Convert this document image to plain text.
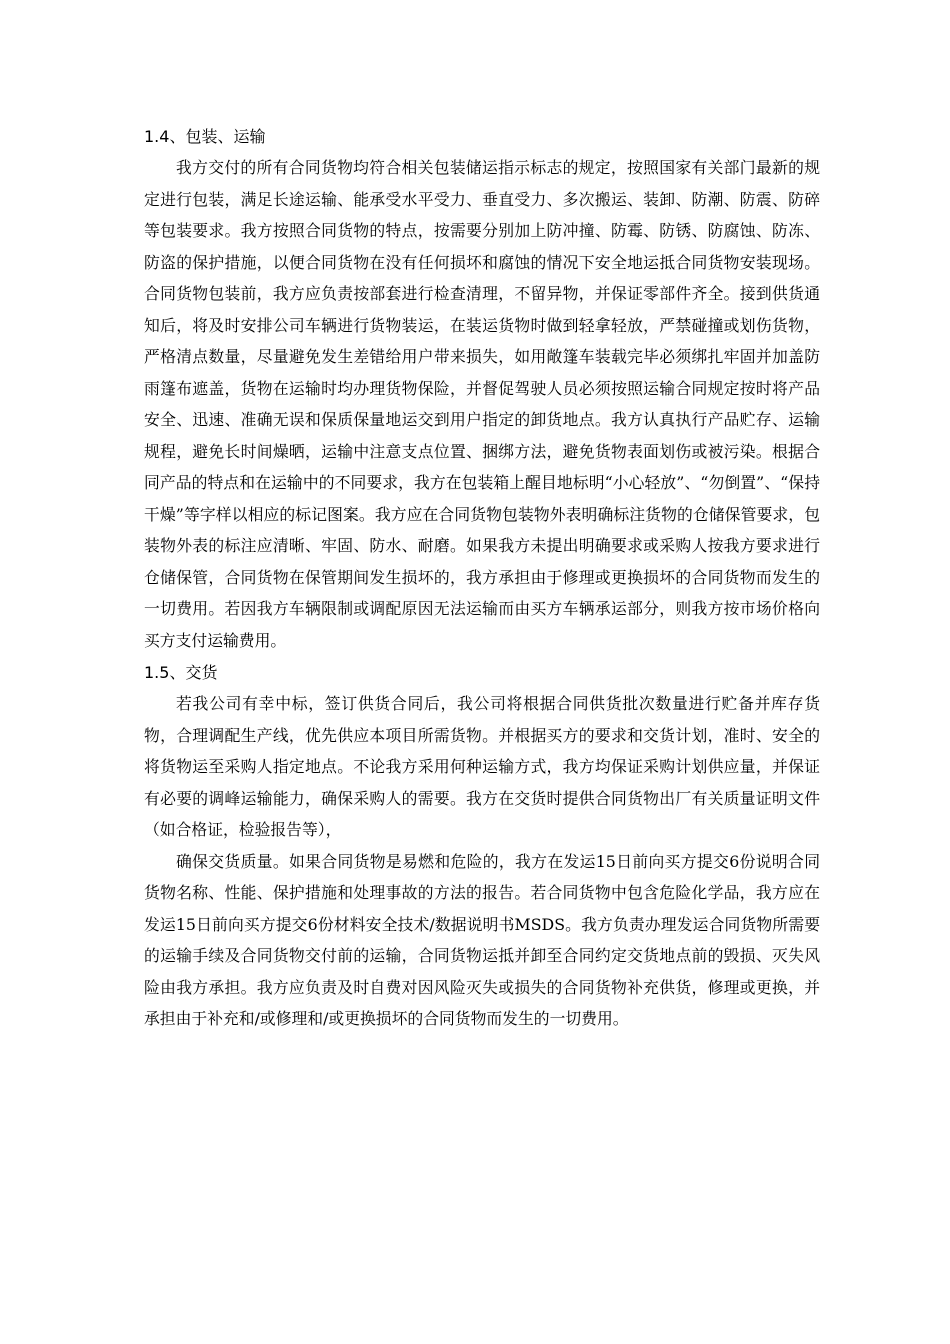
1.4、包装、运输

我方交付的所有合同货物均符合相关包装储运指示标志的规定，按照国家有关部门最新的规定进行包装，满足长途运输、能承受水平受力、垂直受力、多次搬运、装卸、防潮、防震、防碎等包装要求。我方按照合同货物的特点，按需要分别加上防冲撞、防霉、防锈、防腐蚀、防冻、防盗的保护措施，以便合同货物在没有任何损坏和腐蚀的情况下安全地运抵合同货物安装现场。合同货物包装前，我方应负责按部套进行检查清理，不留异物，并保证零部件齐全。接到供货通　知后，将及时安排公司车辆进行货物装运，在装运货物时做到轻拿轻放，严禁碰撞或划伤货物，严格清点数量，尽量避免发生差错给用户带来损失，如用敞篷车装载完毕必须绑扎牢固并加盖防雨篷布遮盖，货物在运输时均办理货物保险，并督促驾驶人员必须按照运输合同规定按时将产品安全、迅速、准确无误和保质保量地运交到用户指定的卸货地点。我方认真执行产品贮存、运输规程，避免长时间燥晒，运输中注意支点位置、捆绑方法，避免货物表面划伤或被污染。根据合同产品的特点和在运输中的不同要求，我方在包装箱上醒目地标明“小心轻放”、“勿倒置”、“保持干燥”等字样以相应的标记图案。我方应在合同货物包装物外表明确标注货物的仓储保管要求，包装物外表的标注应清晰、牢固、防水、耐磨。如果我方未提出明确要求或采购人按我方要求进行仓储保管，合同货物在保管期间发生损坏的，我方承担由于修理或更换损坏的合同货物而发生的一切费用。若因我方车辆限制或调配原因无法运输而由买方车辆承运部分，则我方按市场价格向买方支付运输费用。

1.5、交货

若我公司有幸中标，签订供货合同后，我公司将根据合同供货批次数量进行贮备并库存货物，合理调配生产线，优先供应本项目所需货物。并根据买方的要求和交货计划，准时、安全的将货物运至采购人指定地点。不论我方采用何种运输方式，我方均保证采购计划供应量，并保证有必要的调峰运输能力，确保采购人的需要。我方在交货时提供合同货物出厂有关质量证明文件（如合格证，检验报告等），

确保交货质量。如果合同货物是易燃和危险的，我方在发运15日前向买方提交6份说明合同货物名称、性能、保护措施和处理事故的方法的报告。若合同货物中包含危险化学品，我方应在发运15日前向买方提交6份材料安全技术/数据说明书MSDS。我方负责办理发运合同货物所需要的运输手续及合同货物交付前的运输，合同货物运抵并卸至合同约定交货地点前的毁损、灭失风险由我方承担。我方应负责及时自费对因风险灭失或损失的合同货物补充供货，修理或更换，并承担由于补充和/或修理和/或更换损坏的合同货物而发生的一切费用。
